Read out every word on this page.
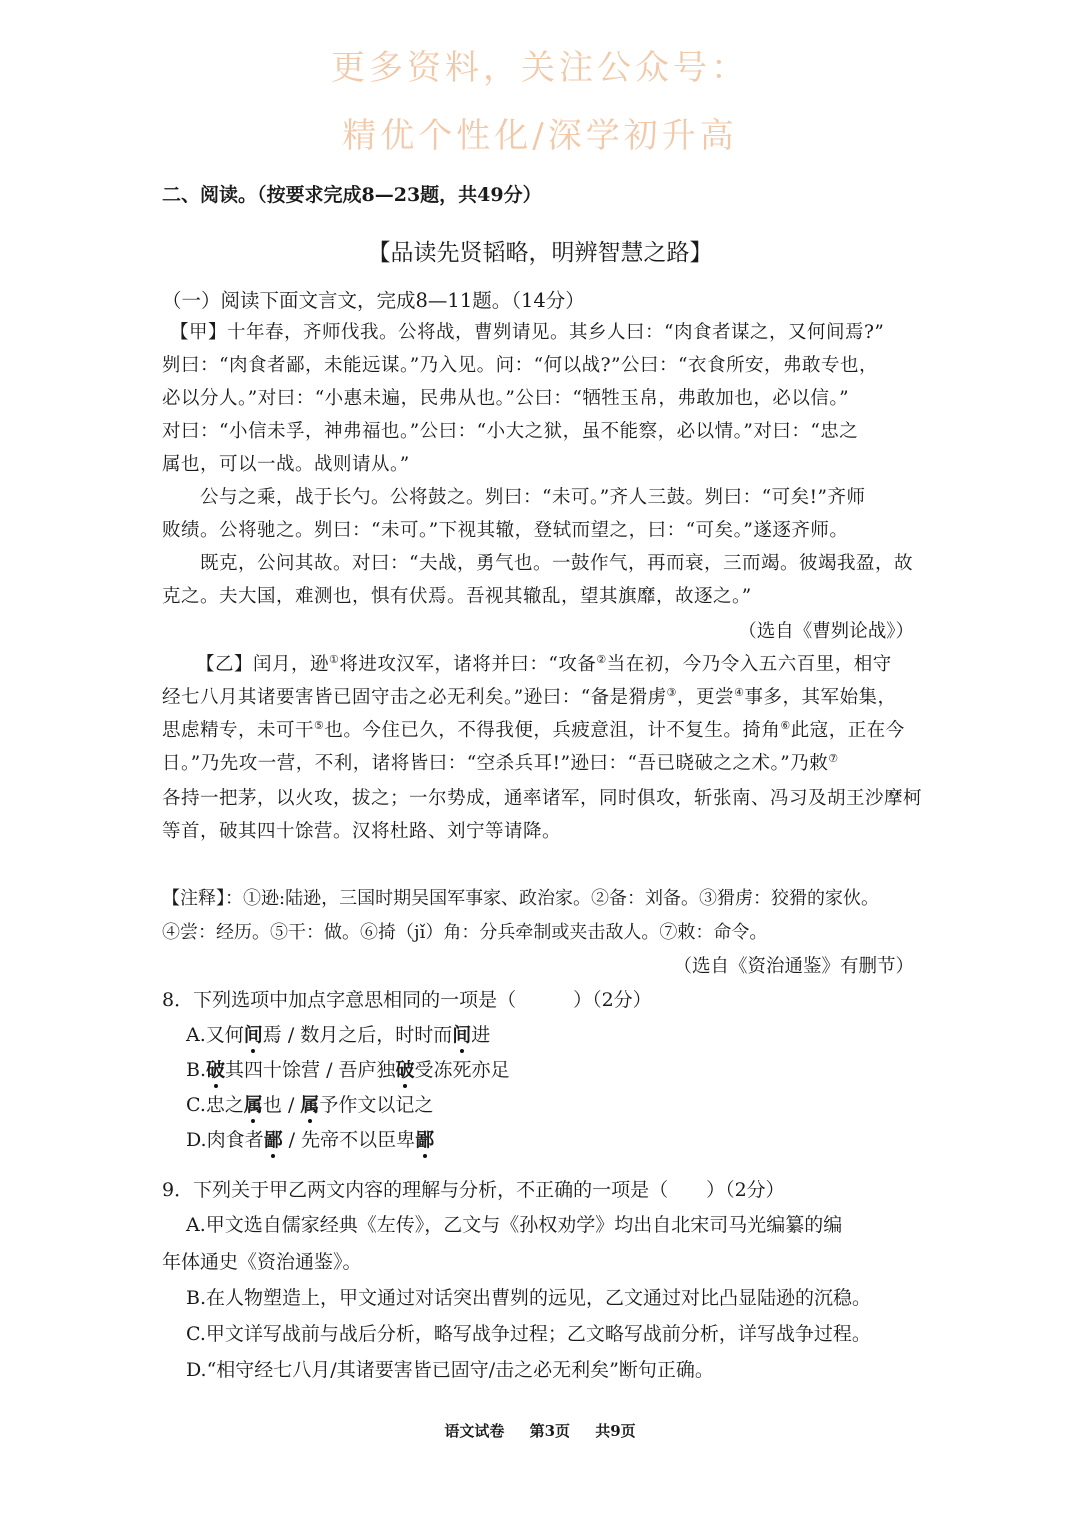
更多资料，关注公众号：
精优个性化/深学初升高
二、阅读。（按要求完成8—23题，共49分）
【品读先贤韬略，明辨智慧之路】
（一）阅读下面文言文，完成8—11题。（14分）
【甲】十年春，齐师伐我。公将战，曹刿请见。其乡人曰：“肉食者谋之，又何间焉?”
刿曰：“肉食者鄙，未能远谋。”乃入见。问：“何以战?”公曰：“衣食所安，弗敢专也，
必以分人。”对曰：“小惠未遍，民弗从也。”公曰：“牺牲玉帛，弗敢加也，必以信。”
对曰：“小信未孚，神弗福也。”公曰：“小大之狱，虽不能察，必以情。”对曰：“忠之
属也，可以一战。战则请从。”
公与之乘，战于长勺。公将鼓之。刿曰：“未可。”齐人三鼓。刿曰：“可矣!”齐师
败绩。公将驰之。刿曰：“未可。”下视其辙，登轼而望之，曰：“可矣。”遂逐齐师。
既克，公问其故。对曰：“夫战，勇气也。一鼓作气，再而衰，三而竭。彼竭我盈，故
克之。夫大国，难测也，惧有伏焉。吾视其辙乱，望其旗靡，故逐之。”
（选自《曹刿论战》）
【乙】闰月，逊①将进攻汉军，诸将并曰：“攻备②当在初，今乃令入五六百里，相守
经七八月其诸要害皆已固守击之必无利矣。”逊曰：“备是猾虏③，更尝④事多，其军始集，
思虑精专，未可干⑤也。今住已久，不得我便，兵疲意沮，计不复生。掎角⑥此寇，正在今
日。”乃先攻一营，不利，诸将皆曰：“空杀兵耳!”逊曰：“吾已晓破之之术。”乃敕⑦
各持一把茅，以火攻，拔之；一尔势成，通率诸军，同时俱攻，斩张南、冯习及胡王沙摩柯
等首，破其四十馀营。汉将杜路、刘宁等请降。
【注释】：①逊:陆逊，三国时期吴国军事家、政治家。②备：刘备。③猾虏：狡猾的家伙。
④尝：经历。⑤干：做。⑥掎（jǐ）角：分兵牵制或夹击敌人。⑦敕：命令。
（选自《资治通鉴》有删节）
8．下列选项中加点字意思相同的一项是（　　　）（2分）
A.又何间焉 / 数月之后，时时而间进
B.破其四十馀营 / 吾庐独破受冻死亦足
C.忠之属也 / 属予作文以记之
D.肉食者鄙 / 先帝不以臣卑鄙
9．下列关于甲乙两文内容的理解与分析，不正确的一项是（　　）（2分）
A.甲文选自儒家经典《左传》，乙文与《孙权劝学》均出自北宋司马光编纂的编
年体通史《资治通鉴》。
B.在人物塑造上，甲文通过对话突出曹刿的远见，乙文通过对比凸显陆逊的沉稳。
C.甲文详写战前与战后分析，略写战争过程；乙文略写战前分析，详写战争过程。
D.“相守经七八月/其诸要害皆已固守/击之必无利矣”断句正确。
语文试卷 第3页 共9页
